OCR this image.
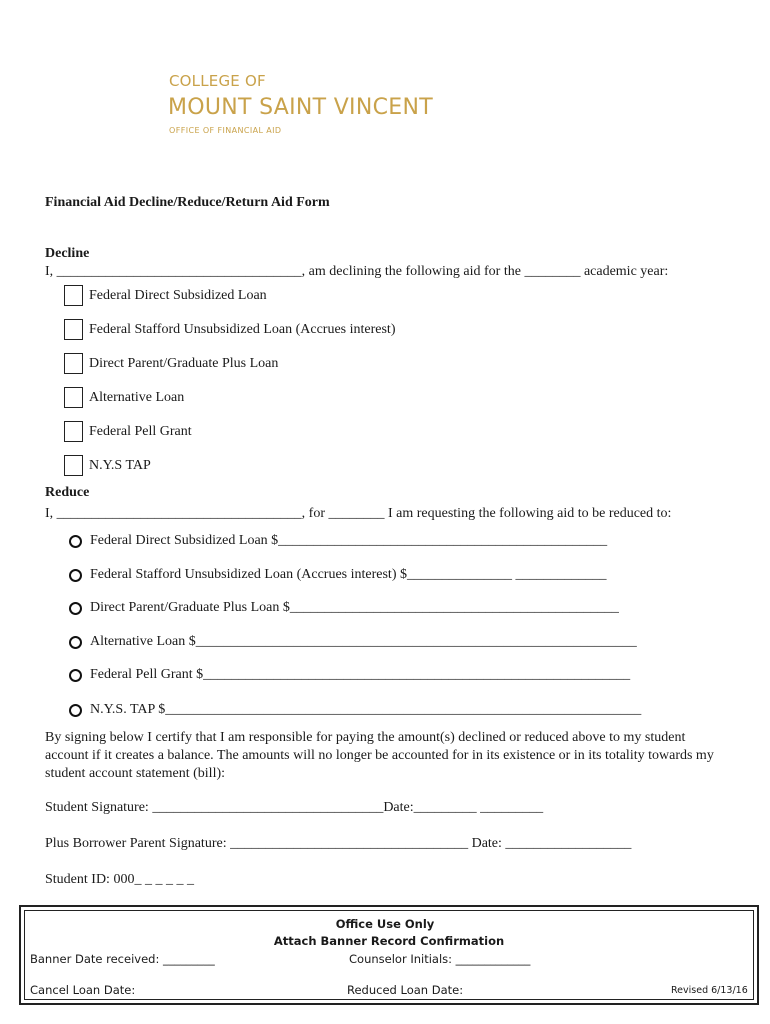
COLLEGE OF
MOUNT SAINT VINCENT
OFFICE OF FINANCIAL AID
Financial Aid Decline/Reduce/Return Aid Form
Decline
I, ___________________________________, am declining the following aid for the ________ academic year:
Federal Direct Subsidized Loan
Federal Stafford Unsubsidized Loan (Accrues interest)
Direct Parent/Graduate Plus Loan
Alternative Loan
Federal Pell Grant
N.Y.S TAP
Reduce
I, ___________________________________, for ________ I am requesting the following aid to be reduced to:
Federal Direct Subsidized Loan $_______________________________________________
Federal Stafford Unsubsidized Loan (Accrues interest) $_______________ _____________
Direct Parent/Graduate Plus Loan $_______________________________________________
Alternative Loan $_______________________________________________________________
Federal Pell Grant $_____________________________________________________________
N.Y.S. TAP $____________________________________________________________________
By signing below I certify that I am responsible for paying the amount(s) declined or reduced above to my student account if it creates a balance. The amounts will no longer be accounted for in its existence or in its totality towards my student account statement (bill):
Student Signature: _________________________________Date:_________ _________
Plus Borrower Parent Signature: __________________________________ Date: __________________
Student ID: 000_ _ _ _ _ _
Office Use Only
Attach Banner Record Confirmation
Banner Date received: _________	Counselor Initials: _____________
Cancel Loan Date:	Reduced Loan Date:	Revised 6/13/16
